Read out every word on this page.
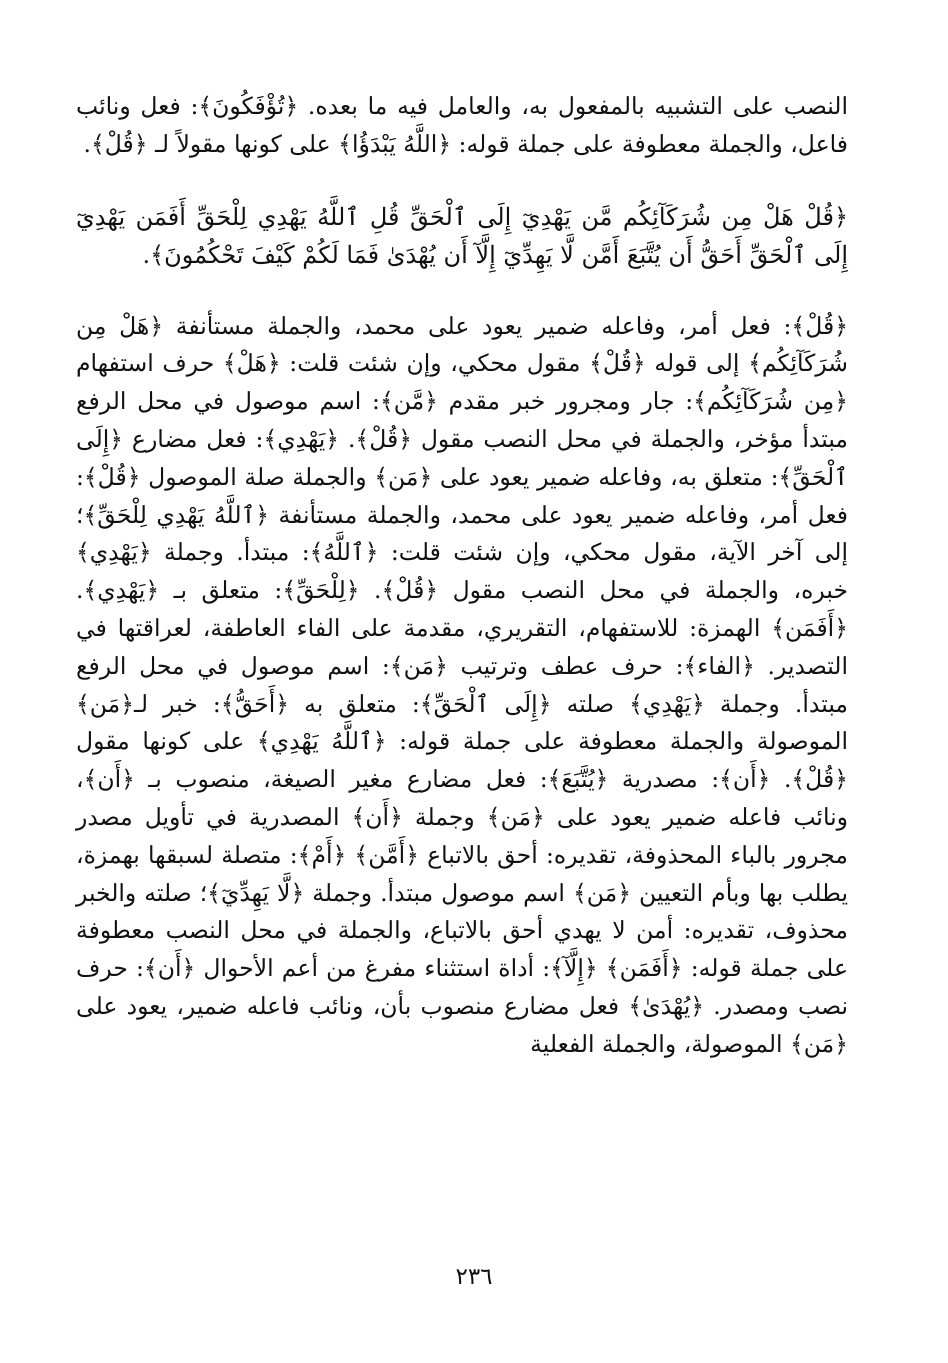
النصب على التشبيه بالمفعول به، والعامل فيه ما بعده. ﴿تُؤْفَكُونَ﴾: فعل ونائب فاعل، والجملة معطوفة على جملة قوله: ﴿اللَّهُ يَبْدَؤُا﴾ على كونها مقولاً لـ ﴿قُلْ﴾.

﴿قُلْ هَلْ مِن شُرَكَآئِكُم مَّن يَهْدِيٓ إِلَى ٱلْحَقِّ قُلِ ٱللَّهُ يَهْدِي لِلْحَقِّ أَفَمَن يَهْدِيٓ إِلَى ٱلْحَقِّ أَحَقُّ أَن يُتَّبَعَ أَمَّن لَّا يَهِدِّيٓ إِلَّآ أَن يُهْدَىٰ فَمَا لَكُمْ كَيْفَ تَحْكُمُونَ﴾.

﴿قُلْ﴾: فعل أمر، وفاعله ضمير يعود على محمد، والجملة مستأنفة ﴿هَلْ مِن شُرَكَآئِكُم﴾ إلى قوله ﴿قُلْ﴾ مقول محكي، وإن شئت قلت: ﴿هَلْ﴾ حرف استفهام ﴿مِن شُرَكَآئِكُم﴾: جار ومجرور خبر مقدم ﴿مَّن﴾: اسم موصول في محل الرفع مبتدأ مؤخر، والجملة في محل النصب مقول ﴿قُلْ﴾. ﴿يَهْدِي﴾: فعل مضارع ﴿إِلَى ٱلْحَقِّ﴾: متعلق به، وفاعله ضمير يعود على ﴿مَن﴾ والجملة صلة الموصول ﴿قُلْ﴾: فعل أمر، وفاعله ضمير يعود على محمد، والجملة مستأنفة ﴿ٱللَّهُ يَهْدِي لِلْحَقِّ﴾؛ إلى آخر الآية، مقول محكي، وإن شئت قلت: ﴿ٱللَّهُ﴾: مبتدأ. وجملة ﴿يَهْدِي﴾ خبره، والجملة في محل النصب مقول ﴿قُلْ﴾. ﴿لِلْحَقِّ﴾: متعلق بـ ﴿يَهْدِي﴾. ﴿أَفَمَن﴾ الهمزة: للاستفهام، التقريري، مقدمة على الفاء العاطفة، لعراقتها في التصدير. ﴿الفاء﴾: حرف عطف وترتيب ﴿مَن﴾: اسم موصول في محل الرفع مبتدأ. وجملة ﴿يَهْدِي﴾ صلته ﴿إِلَى ٱلْحَقِّ﴾: متعلق به ﴿أَحَقُّ﴾: خبر لـ﴿مَن﴾ الموصولة والجملة معطوفة على جملة قوله: ﴿ٱللَّهُ يَهْدِي﴾ على كونها مقول ﴿قُلْ﴾. ﴿أَن﴾: مصدرية ﴿يُتَّبَعَ﴾: فعل مضارع مغير الصيغة، منصوب بـ ﴿أَن﴾، ونائب فاعله ضمير يعود على ﴿مَن﴾ وجملة ﴿أَن﴾ المصدرية في تأويل مصدر مجرور بالباء المحذوفة، تقديره: أحق بالاتباع ﴿أَمَّن﴾ ﴿أَمْ﴾: متصلة لسبقها بهمزة، يطلب بها وبأم التعيين ﴿مَن﴾ اسم موصول مبتدأ. وجملة ﴿لَّا يَهِدِّيٓ﴾؛ صلته والخبر محذوف، تقديره: أمن لا يهدي أحق بالاتباع، والجملة في محل النصب معطوفة على جملة قوله: ﴿أَفَمَن﴾ ﴿إِلَّآ﴾: أداة استثناء مفرغ من أعم الأحوال ﴿أَن﴾: حرف نصب ومصدر. ﴿يُهْدَىٰ﴾ فعل مضارع منصوب بأن، ونائب فاعله ضمير، يعود على ﴿مَن﴾ الموصولة، والجملة الفعلية

٢٣٦
